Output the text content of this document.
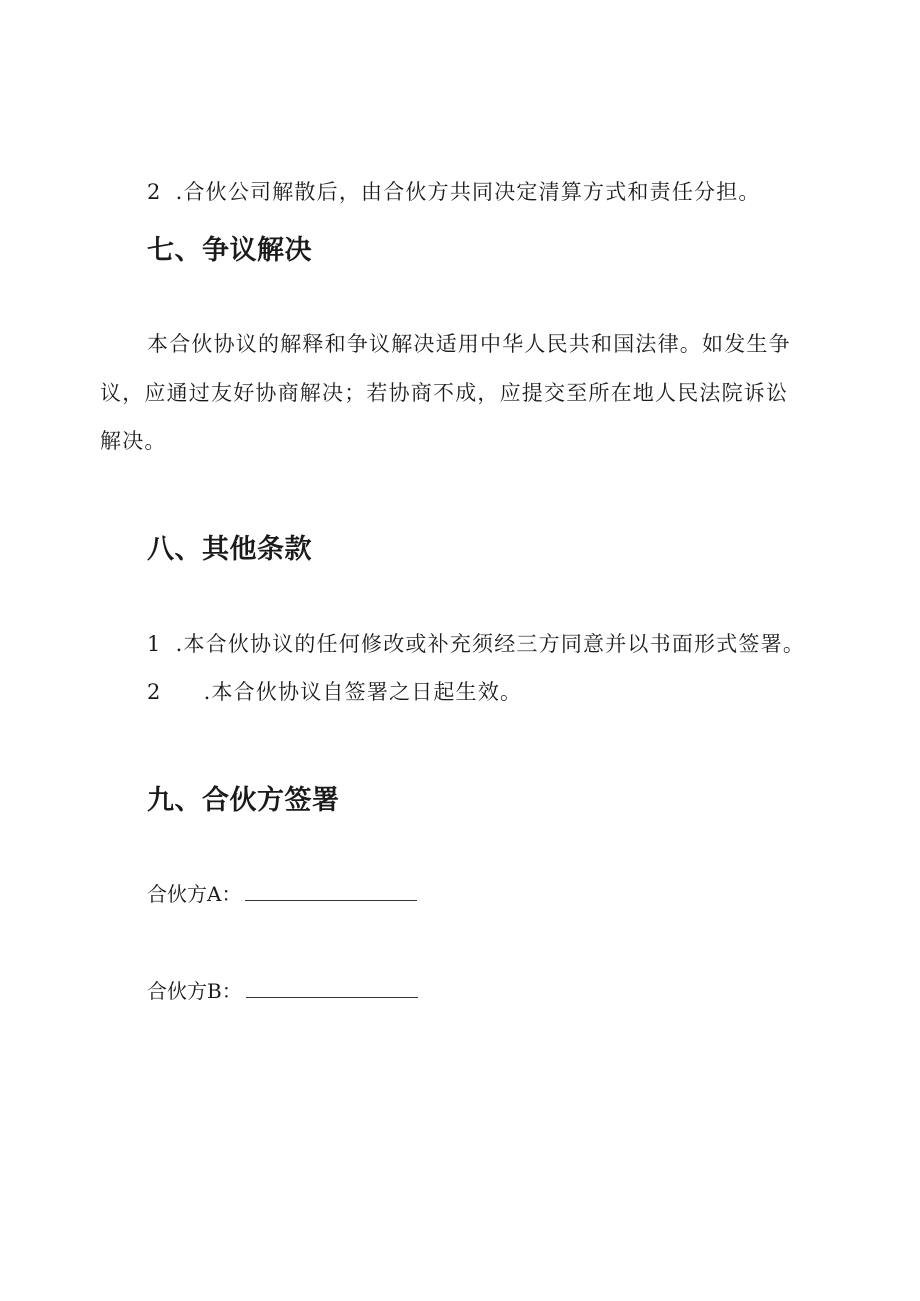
2 .合伙公司解散后，由合伙方共同决定清算方式和责任分担。
七、争议解决
本合伙协议的解释和争议解决适用中华人民共和国法律。如发生争
议，应通过友好协商解决；若协商不成，应提交至所在地人民法院诉讼
解决。
八、其他条款
1 .本合伙协议的任何修改或补充须经三方同意并以书面形式签署。
2 .本合伙协议自签署之日起生效。
九、合伙方签署
合伙方A：
合伙方B：
